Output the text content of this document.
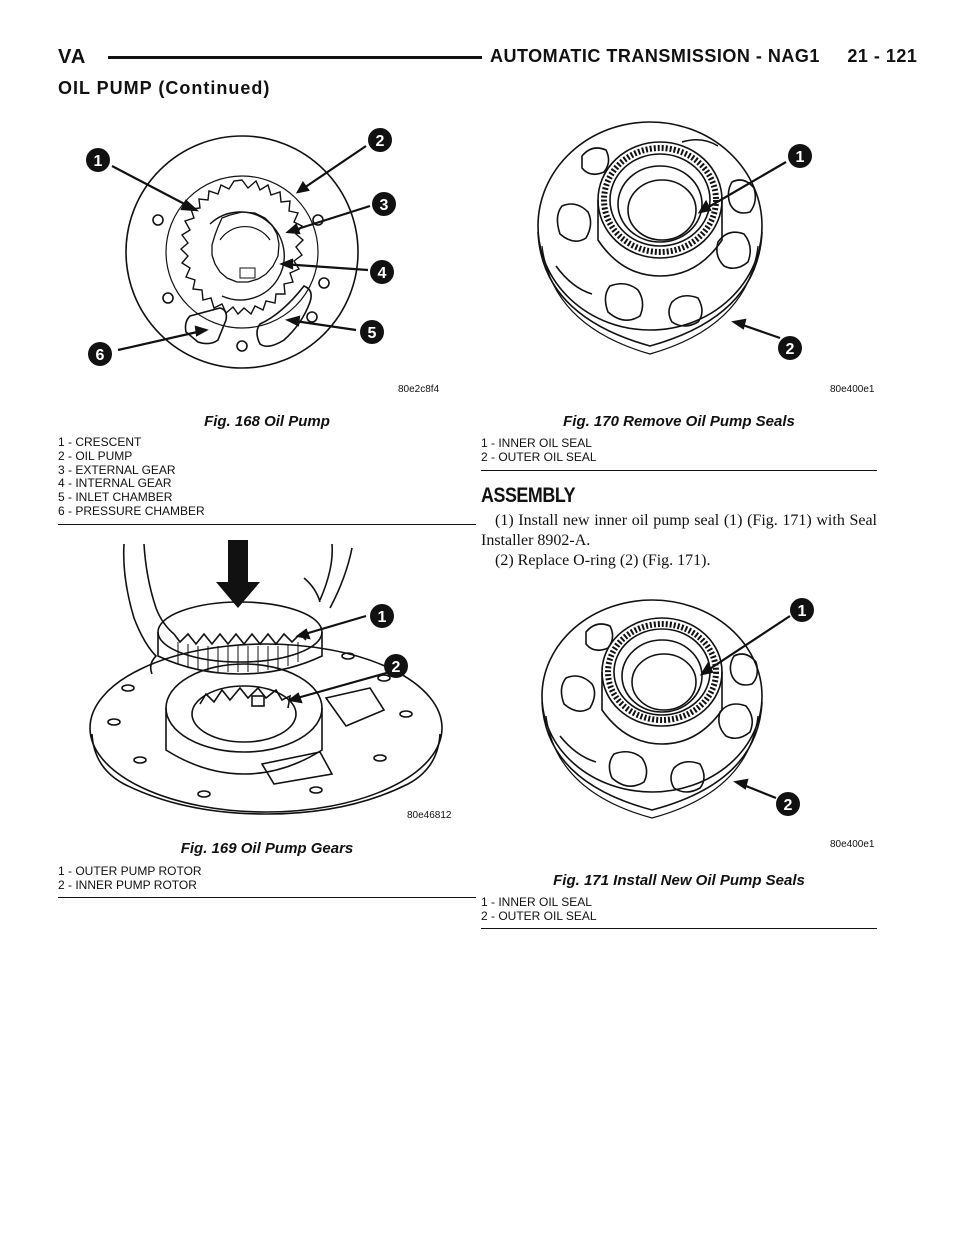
VA	AUTOMATIC TRANSMISSION - NAG1     21 - 121
OIL PUMP (Continued)
1
2
3
4
5
6
80e2c8f4
Fig. 168 Oil Pump
1 - CRESCENT
2 - OIL PUMP
3 - EXTERNAL GEAR
4 - INTERNAL GEAR
5 - INLET CHAMBER
6 - PRESSURE CHAMBER
1
2
80e46812
Fig. 169 Oil Pump Gears
1 - OUTER PUMP ROTOR
2 - INNER PUMP ROTOR
1
2
80e400e1
Fig. 170 Remove Oil Pump Seals
1 - INNER OIL SEAL
2 - OUTER OIL SEAL
ASSEMBLY

(1) Install new inner oil pump seal (1) (Fig. 171) with Seal Installer 8902-A.

(2) Replace O-ring (2) (Fig. 171).

1
2
80e400e1
Fig. 171 Install New Oil Pump Seals
1 - INNER OIL SEAL
2 - OUTER OIL SEAL
